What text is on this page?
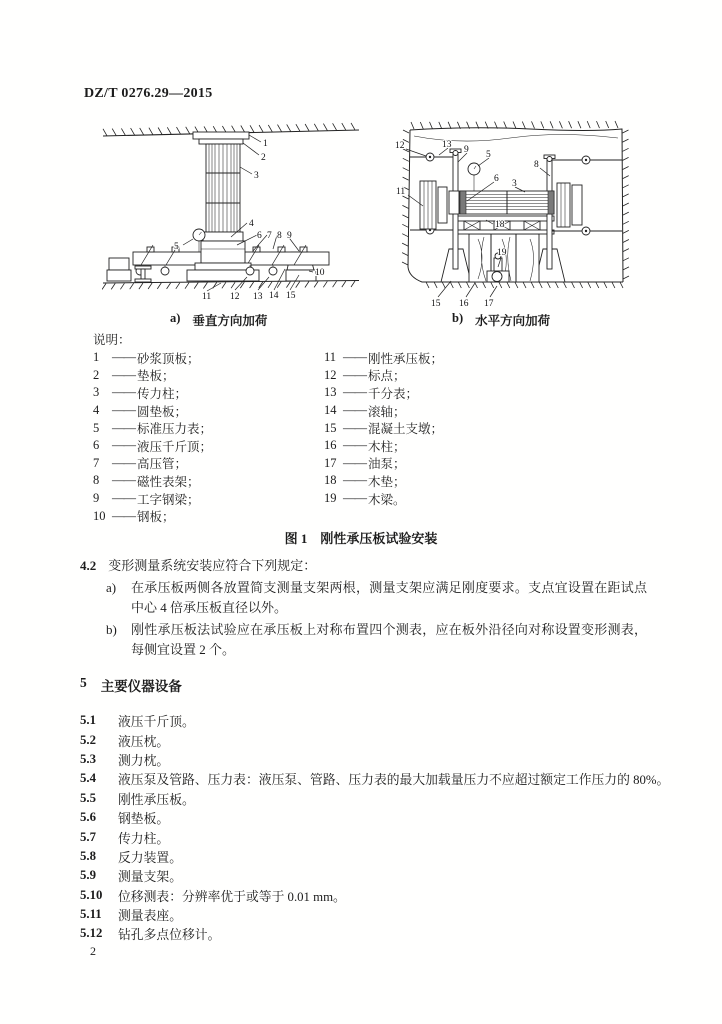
DZ/T 0276.29—2015
1
2
3
4
5
6 7 8 9
10
11 12 13 14 15
12	13 9 5
8
11
6 3
18
19
15 16 17
a) 垂直方向加荷	b) 水平方向加荷
说明：
1	—— 砂浆顶板；
2	—— 垫板；
3	—— 传力柱；
4	—— 圆垫板；
5	—— 标准压力表；
6	—— 液压千斤顶；
7	—— 高压管；
8	—— 磁性表架；
9	—— 工字钢梁；
10 —— 钢板；
11 —— 刚性承压板；
12 —— 标点；
13 —— 千分表；
14 —— 滚轴；
15 —— 混凝土支墩；
16 —— 木柱；
17 —— 油泵；
18 —— 木垫；
19 —— 木梁。
图 1　刚性承压板试验安装
4.2 变形测量系统安装应符合下列规定：
a)	在承压板两侧各放置简支测量支架两根，测量支架应满足刚度要求。支点宜设置在距试点中心 4 倍承压板直径以外。
b)	刚性承压板法试验应在承压板上对称布置四个测表，应在板外沿径向对称设置变形测表，每侧宜设置 2 个。
5 主要仪器设备
5.1	液压千斤顶。
5.2	液压枕。
5.3	测力枕。
5.4	液压泵及管路、压力表：液压泵、管路、压力表的最大加载量压力不应超过额定工作压力的 80%。
5.5	刚性承压板。
5.6	钢垫板。
5.7	传力柱。
5.8	反力装置。
5.9	测量支架。
5.10	位移测表：分辨率优于或等于 0.01 mm。
5.11	测量表座。
5.12	钻孔多点位移计。
2
